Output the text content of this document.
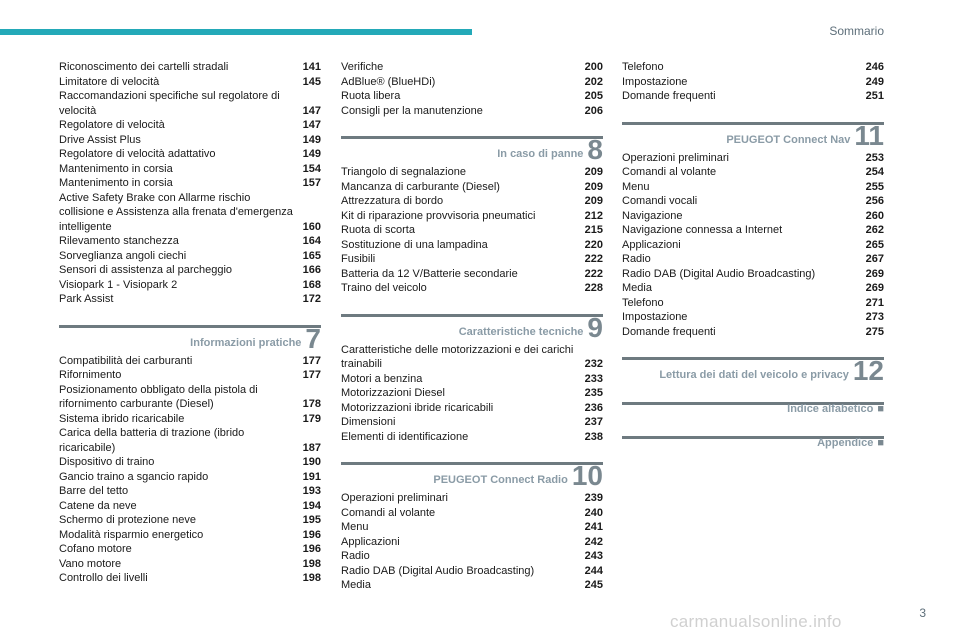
Sommario
Riconoscimento dei cartelli stradali	141
Limitatore di velocità	145
Raccomandazioni specifiche sul regolatore di velocità	147
Regolatore di velocità	147
Drive Assist Plus	149
Regolatore di velocità adattativo	149
Mantenimento in corsia	154
Mantenimento in corsia	157
Active Safety Brake con Allarme rischio collisione e Assistenza alla frenata d'emergenza intelligente	160
Rilevamento stanchezza	164
Sorveglianza angoli ciechi	165
Sensori di assistenza al parcheggio	166
Visiopark 1 - Visiopark 2	168
Park Assist	172
Informazioni pratiche 7
Compatibilità dei carburanti	177
Rifornimento	177
Posizionamento obbligato della pistola di rifornimento carburante (Diesel)	178
Sistema ibrido ricaricabile	179
Carica della batteria di trazione (ibrido ricaricabile)	187
Dispositivo di traino	190
Gancio traino a sgancio rapido	191
Barre del tetto	193
Catene da neve	194
Schermo di protezione neve	195
Modalità risparmio energetico	196
Cofano motore	196
Vano motore	198
Controllo dei livelli	198
Verifiche	200
AdBlue® (BlueHDi)	202
Ruota libera	205
Consigli per la manutenzione	206
In caso di panne 8
Triangolo di segnalazione	209
Mancanza di carburante (Diesel)	209
Attrezzatura di bordo	209
Kit di riparazione provvisoria pneumatici	212
Ruota di scorta	215
Sostituzione di una lampadina	220
Fusibili	222
Batteria da 12 V/Batterie secondarie	222
Traino del veicolo	228
Caratteristiche tecniche 9
Caratteristiche delle motorizzazioni e dei carichi trainabili	232
Motori a benzina	233
Motorizzazioni Diesel	235
Motorizzazioni ibride ricaricabili	236
Dimensioni	237
Elementi di identificazione	238
PEUGEOT Connect Radio 10
Operazioni preliminari	239
Comandi al volante	240
Menu	241
Applicazioni	242
Radio	243
Radio DAB (Digital Audio Broadcasting)	244
Media	245
Telefono	246
Impostazione	249
Domande frequenti	251
PEUGEOT Connect Nav 11
Operazioni preliminari	253
Comandi al volante	254
Menu	255
Comandi vocali	256
Navigazione	260
Navigazione connessa a Internet	262
Applicazioni	265
Radio	267
Radio DAB (Digital Audio Broadcasting)	269
Media	269
Telefono	271
Impostazione	273
Domande frequenti	275
Lettura dei dati del veicolo e privacy 12
Indice alfabetico ■
Appendice ■
3
carmanualsonline.info
